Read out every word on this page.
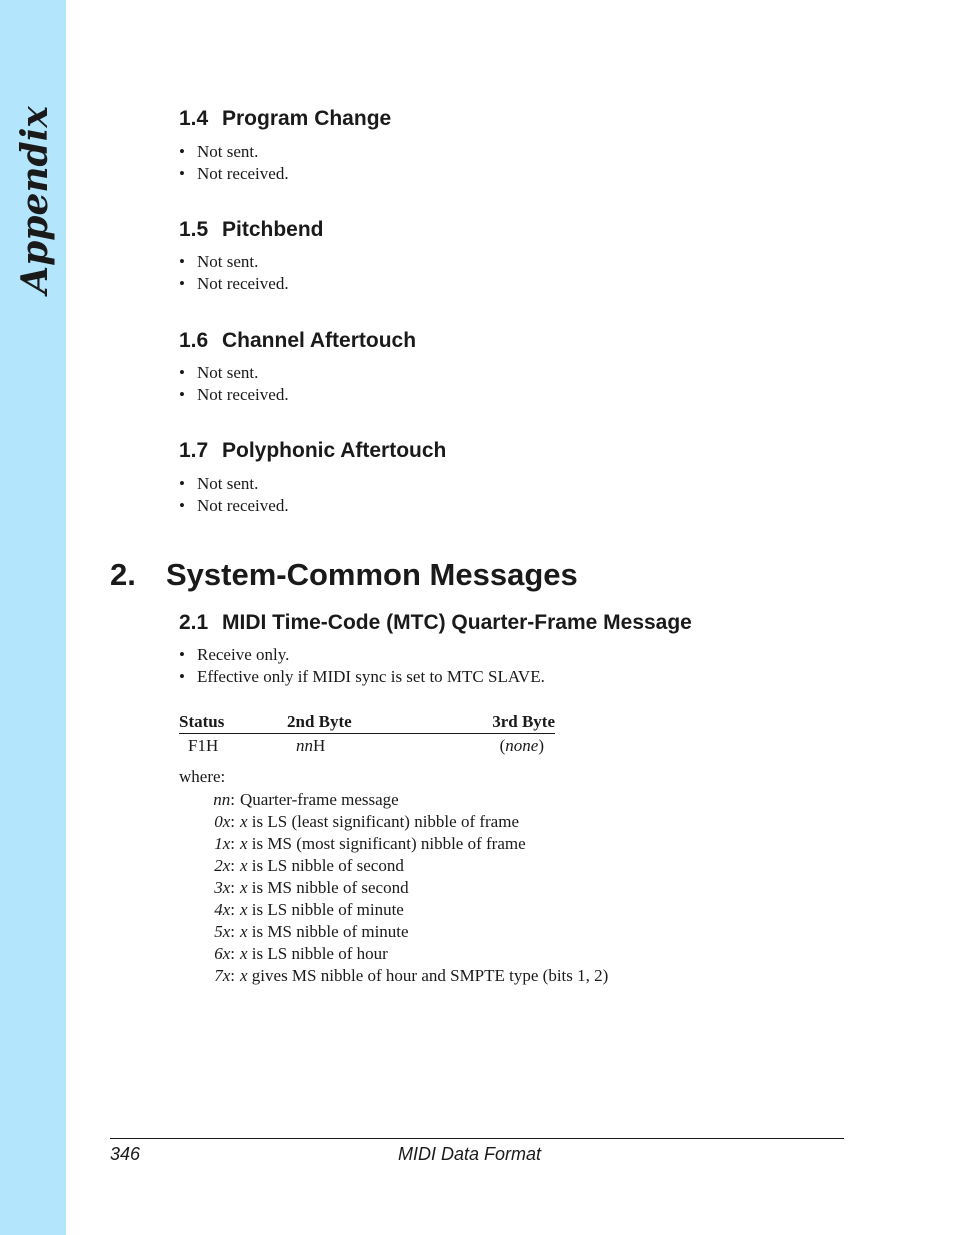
Appendix	1.4 Program Change
• Not sent.
• Not received.
1.5 Pitchbend
• Not sent.
• Not received.
1.6 Channel Aftertouch
• Not sent.
• Not received.
1.7 Polyphonic Aftertouch
• Not sent.
• Not received.
2. System-Common Messages
2.1 MIDI Time-Code (MTC) Quarter-Frame Message
• Receive only.
• Effective only if MIDI sync is set to MTC SLAVE.
Status	2nd Byte	3rd Byte
F1H	nnH	(none)
where:
nn: Quarter-frame message
0x: x is LS (least significant) nibble of frame
1x: x is MS (most significant) nibble of frame
2x: x is LS nibble of second
3x: x is MS nibble of second
4x: x is LS nibble of minute
5x: x is MS nibble of minute
6x: x is LS nibble of hour
7x: x gives MS nibble of hour and SMPTE type (bits 1, 2)
346	MIDI Data Format
